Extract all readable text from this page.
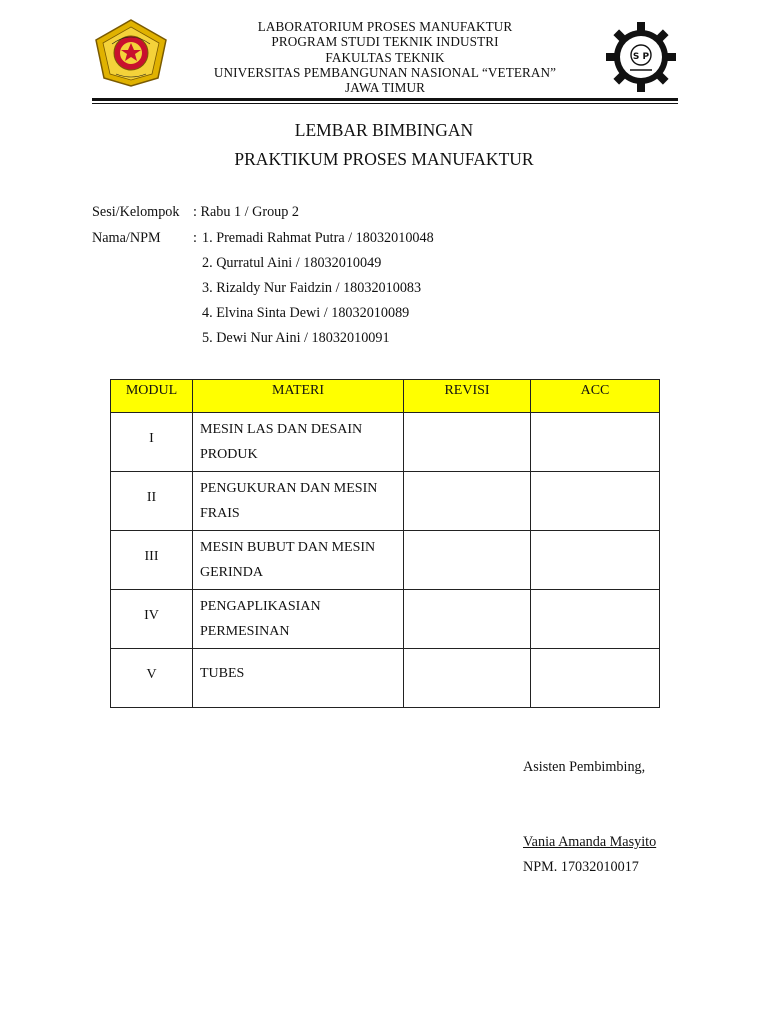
LABORATORIUM PROSES MANUFAKTUR
PROGRAM STUDI TEKNIK INDUSTRI
FAKULTAS TEKNIK
UNIVERSITAS PEMBANGUNAN NASIONAL “VETERAN”
JAWA TIMUR
S P
LEMBAR BIMBINGAN
PRAKTIKUM PROSES MANUFAKTUR
Sesi/Kelompok : Rabu 1 / Group 2
Nama/NPM : 1. Premadi Rahmat Putra / 18032010048
2. Qurratul Aini / 18032010049
3. Rizaldy Nur Faidzin / 18032010083
4. Elvina Sinta Dewi / 18032010089
5. Dewi Nur Aini / 18032010091
MODUL	MATERI	REVISI	ACC
I	MESIN LAS DAN DESAIN
PRODUK		

II	PENGUKURAN DAN MESIN
FRAIS		

III	MESIN BUBUT DAN MESIN
GERINDA		

IV	PENGAPLIKASIAN
PERMESINAN		

V	TUBES		

Asisten Pembimbing,
Vania Amanda Masyito
NPM. 17032010017
